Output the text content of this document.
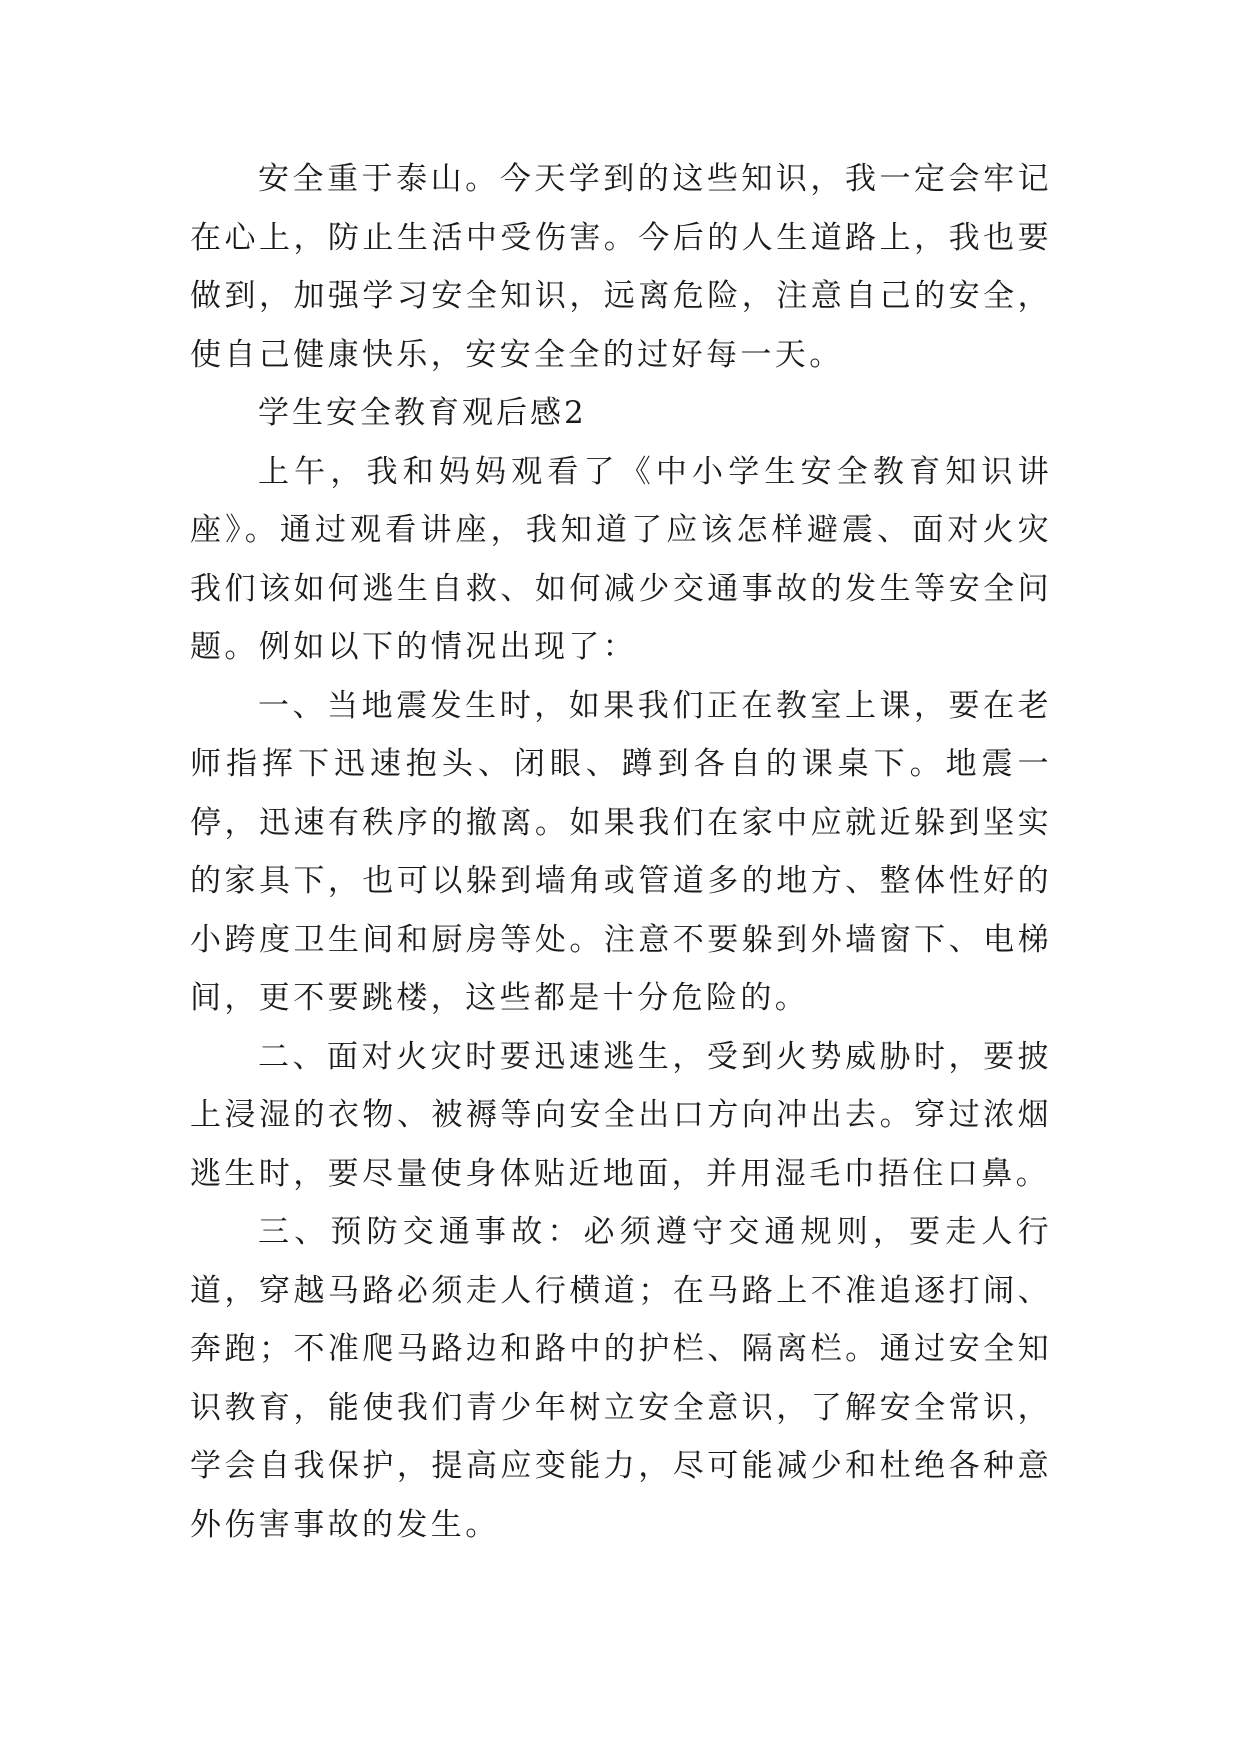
安全重于泰山。今天学到的这些知识，我一定会牢记在心上，防止生活中受伤害。今后的人生道路上，我也要做到，加强学习安全知识，远离危险，注意自己的安全，使自己健康快乐，安安全全的过好每一天。

学生安全教育观后感2

上午，我和妈妈观看了《中小学生安全教育知识讲座》。通过观看讲座，我知道了应该怎样避震、面对火灾我们该如何逃生自救、如何减少交通事故的发生等安全问题。例如以下的情况出现了：

一、当地震发生时，如果我们正在教室上课，要在老师指挥下迅速抱头、闭眼、蹲到各自的课桌下。地震一停，迅速有秩序的撤离。如果我们在家中应就近躲到坚实的家具下，也可以躲到墙角或管道多的地方、整体性好的小跨度卫生间和厨房等处。注意不要躲到外墙窗下、电梯间，更不要跳楼，这些都是十分危险的。

二、面对火灾时要迅速逃生，受到火势威胁时，要披上浸湿的衣物、被褥等向安全出口方向冲出去。穿过浓烟逃生时，要尽量使身体贴近地面，并用湿毛巾捂住口鼻。

三、预防交通事故：必须遵守交通规则，要走人行道，穿越马路必须走人行横道；在马路上不准追逐打闹、奔跑；不准爬马路边和路中的护栏、隔离栏。通过安全知识教育，能使我们青少年树立安全意识，了解安全常识，学会自我保护，提高应变能力，尽可能减少和杜绝各种意外伤害事故的发生。
